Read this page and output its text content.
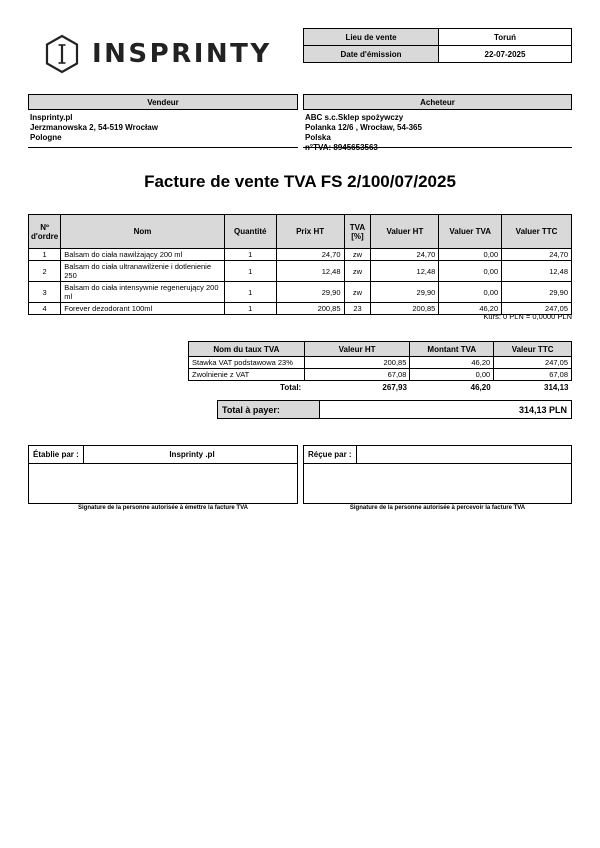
INSPRINTY
Lieu de vente	Toruń
Date d'émission	22-07-2025
Vendeur
Insprinty.pl
Jerzmanowska 2, 54-519 Wrocław
Pologne
Acheteur
ABC s.c.Sklep spożywczy
Polanka 12/6 , Wrocław, 54-365
Polska
n°TVA: 8945653563
Facture de vente TVA FS 2/100/07/2025
Nº d'ordre	Nom	Quantité	Prix HT	TVA [%]	Valuer HT	Valuer TVA	Valuer TTC
1	Balsam do ciała nawilżający 200 ml	1	24,70	zw	24,70	0,00	24,70
2	Balsam do ciała ultranawilżenie i dotlenienie 250	1	12,48	zw	12,48	0,00	12,48
3	Balsam do ciała intensywnie regenerujący 200 ml	1	29,90	zw	29,90	0,00	29,90
4	Forever dezodorant 100ml	1	200,85	23	200,85	46,20	247,05
Kurs: 0 PLN = 0,0000 PLN
Nom du taux TVA	Valeur HT	Montant TVA	Valeur TTC
Stawka VAT podstawowa 23%	200,85	46,20	247,05
Zwolnienie z VAT	67,08	0,00	67,08
Total:	267,93	46,20	314,13
Total à payer:	314,13 PLN
Établie par :	Insprinty .pl
Signature de la personne autorisée à émettre la facture TVA
Réçue par :
Signature de la personne autorisée à percevoir la facture TVA
